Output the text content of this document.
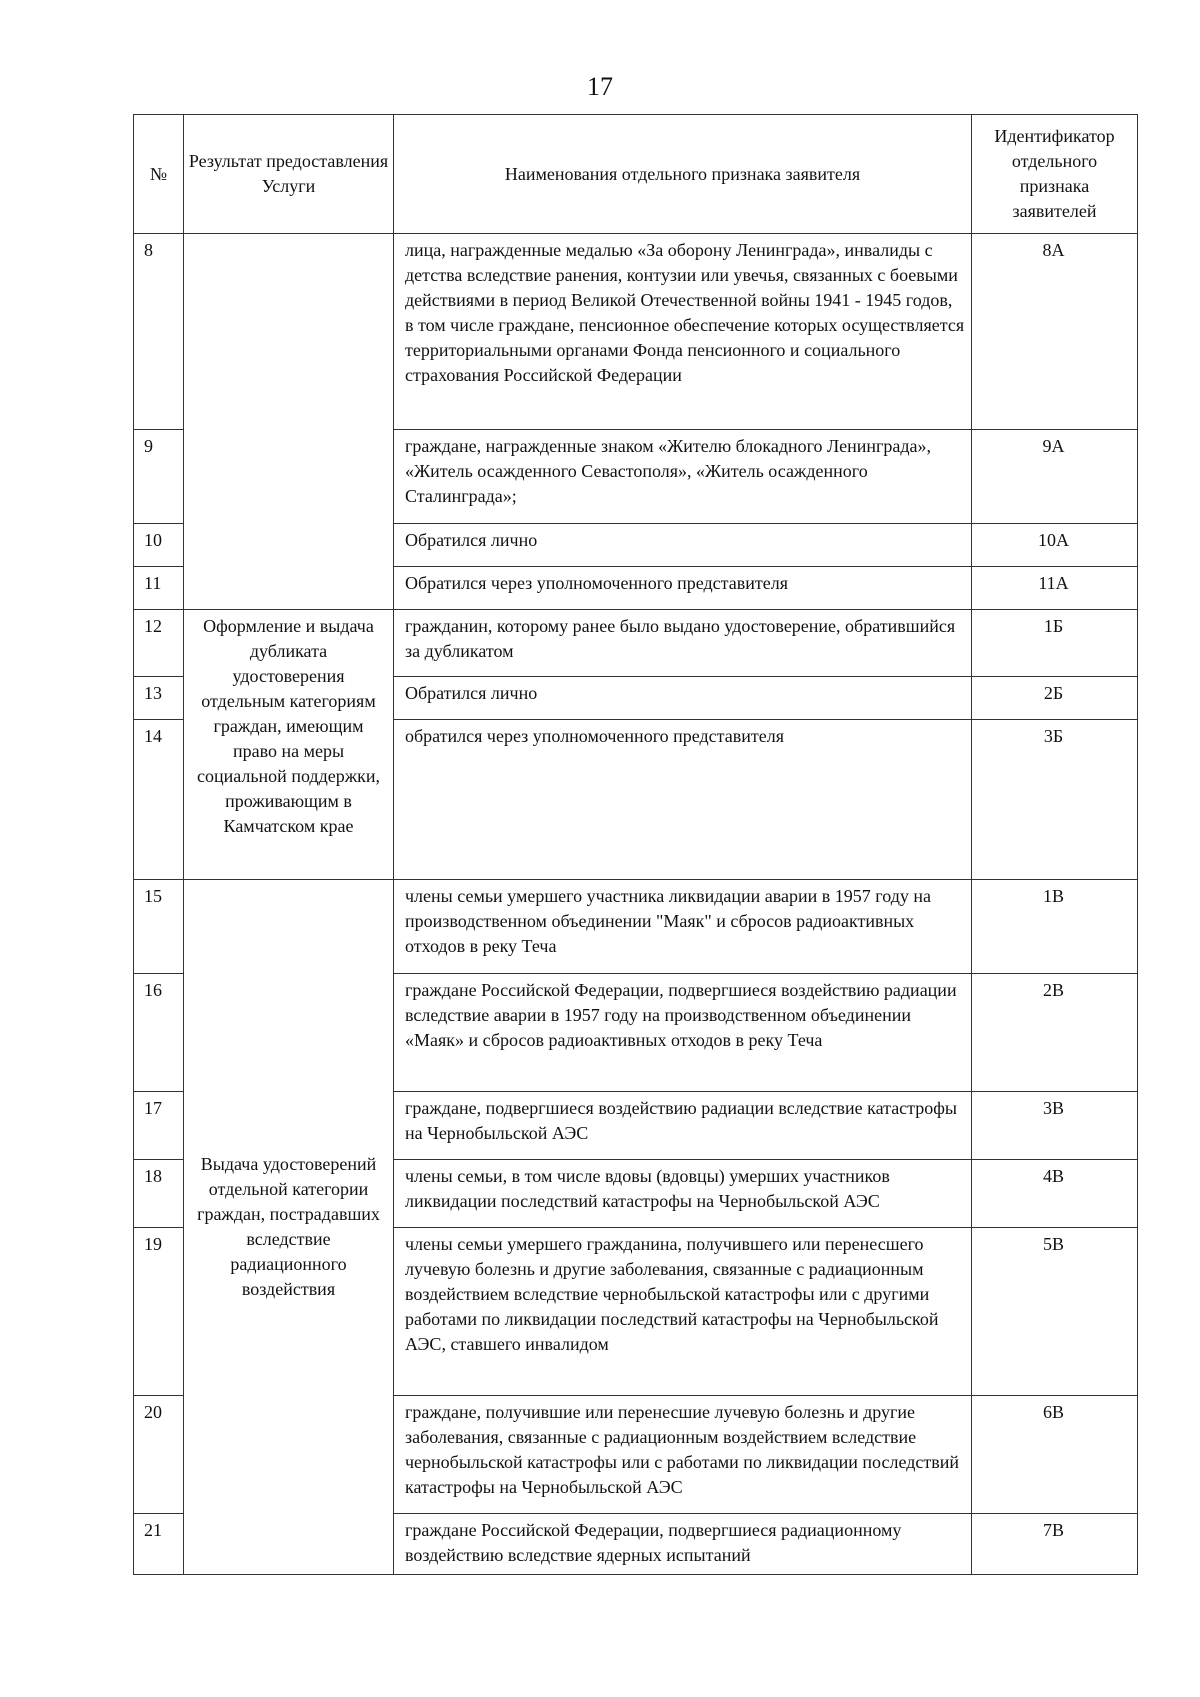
17
№	Результат предоставления Услуги	Наименования отдельного признака заявителя	Идентификатор отдельного признака заявителей
8		лица, награжденные медалью «За оборону Ленинграда», инвалиды с детства вследствие ранения, контузии или увечья, связанных с боевыми действиями в период Великой Отечественной войны 1941 - 1945 годов, в том числе граждане, пенсионное обеспечение которых осуществляется территориальными органами Фонда пенсионного и социального страхования Российской Федерации	8А
9		граждане, награжденные знаком «Жителю блокадного Ленинграда», «Житель осажденного Севастополя», «Житель осажденного Сталинграда»;	9А
10		Обратился лично	10А
11		Обратился через уполномоченного представителя	11А
12	Оформление и выдача дубликата удостоверения отдельным категориям граждан, имеющим право на меры социальной поддержки, проживающим в Камчатском крае	гражданин, которому ранее было выдано удостоверение, обратившийся за дубликатом	1Б
13		Обратился лично	2Б
14		обратился через уполномоченного представителя	3Б
15	Выдача удостоверений отдельной категории граждан, пострадавших вследствие радиационного воздействия	члены семьи умершего участника ликвидации аварии в 1957 году на производственном объединении "Маяк" и сбросов радиоактивных отходов в реку Теча	1В
16		граждане Российской Федерации, подвергшиеся воздействию радиации вследствие аварии в 1957 году на производственном объединении «Маяк» и сбросов радиоактивных отходов в реку Теча	2В
17		граждане, подвергшиеся воздействию радиации вследствие катастрофы на Чернобыльской АЭС	3В
18		члены семьи, в том числе вдовы (вдовцы) умерших участников ликвидации последствий катастрофы на Чернобыльской АЭС	4В
19		члены семьи умершего гражданина, получившего или перенесшего лучевую болезнь и другие заболевания, связанные с радиационным воздействием вследствие чернобыльской катастрофы или с другими работами по ликвидации последствий катастрофы на Чернобыльской АЭС, ставшего инвалидом	5В
20		граждане, получившие или перенесшие лучевую болезнь и другие заболевания, связанные с радиационным воздействием вследствие чернобыльской катастрофы или с работами по ликвидации последствий катастрофы на Чернобыльской АЭС	6В
21		граждане Российской Федерации, подвергшиеся радиационному воздействию вследствие ядерных испытаний	7В
